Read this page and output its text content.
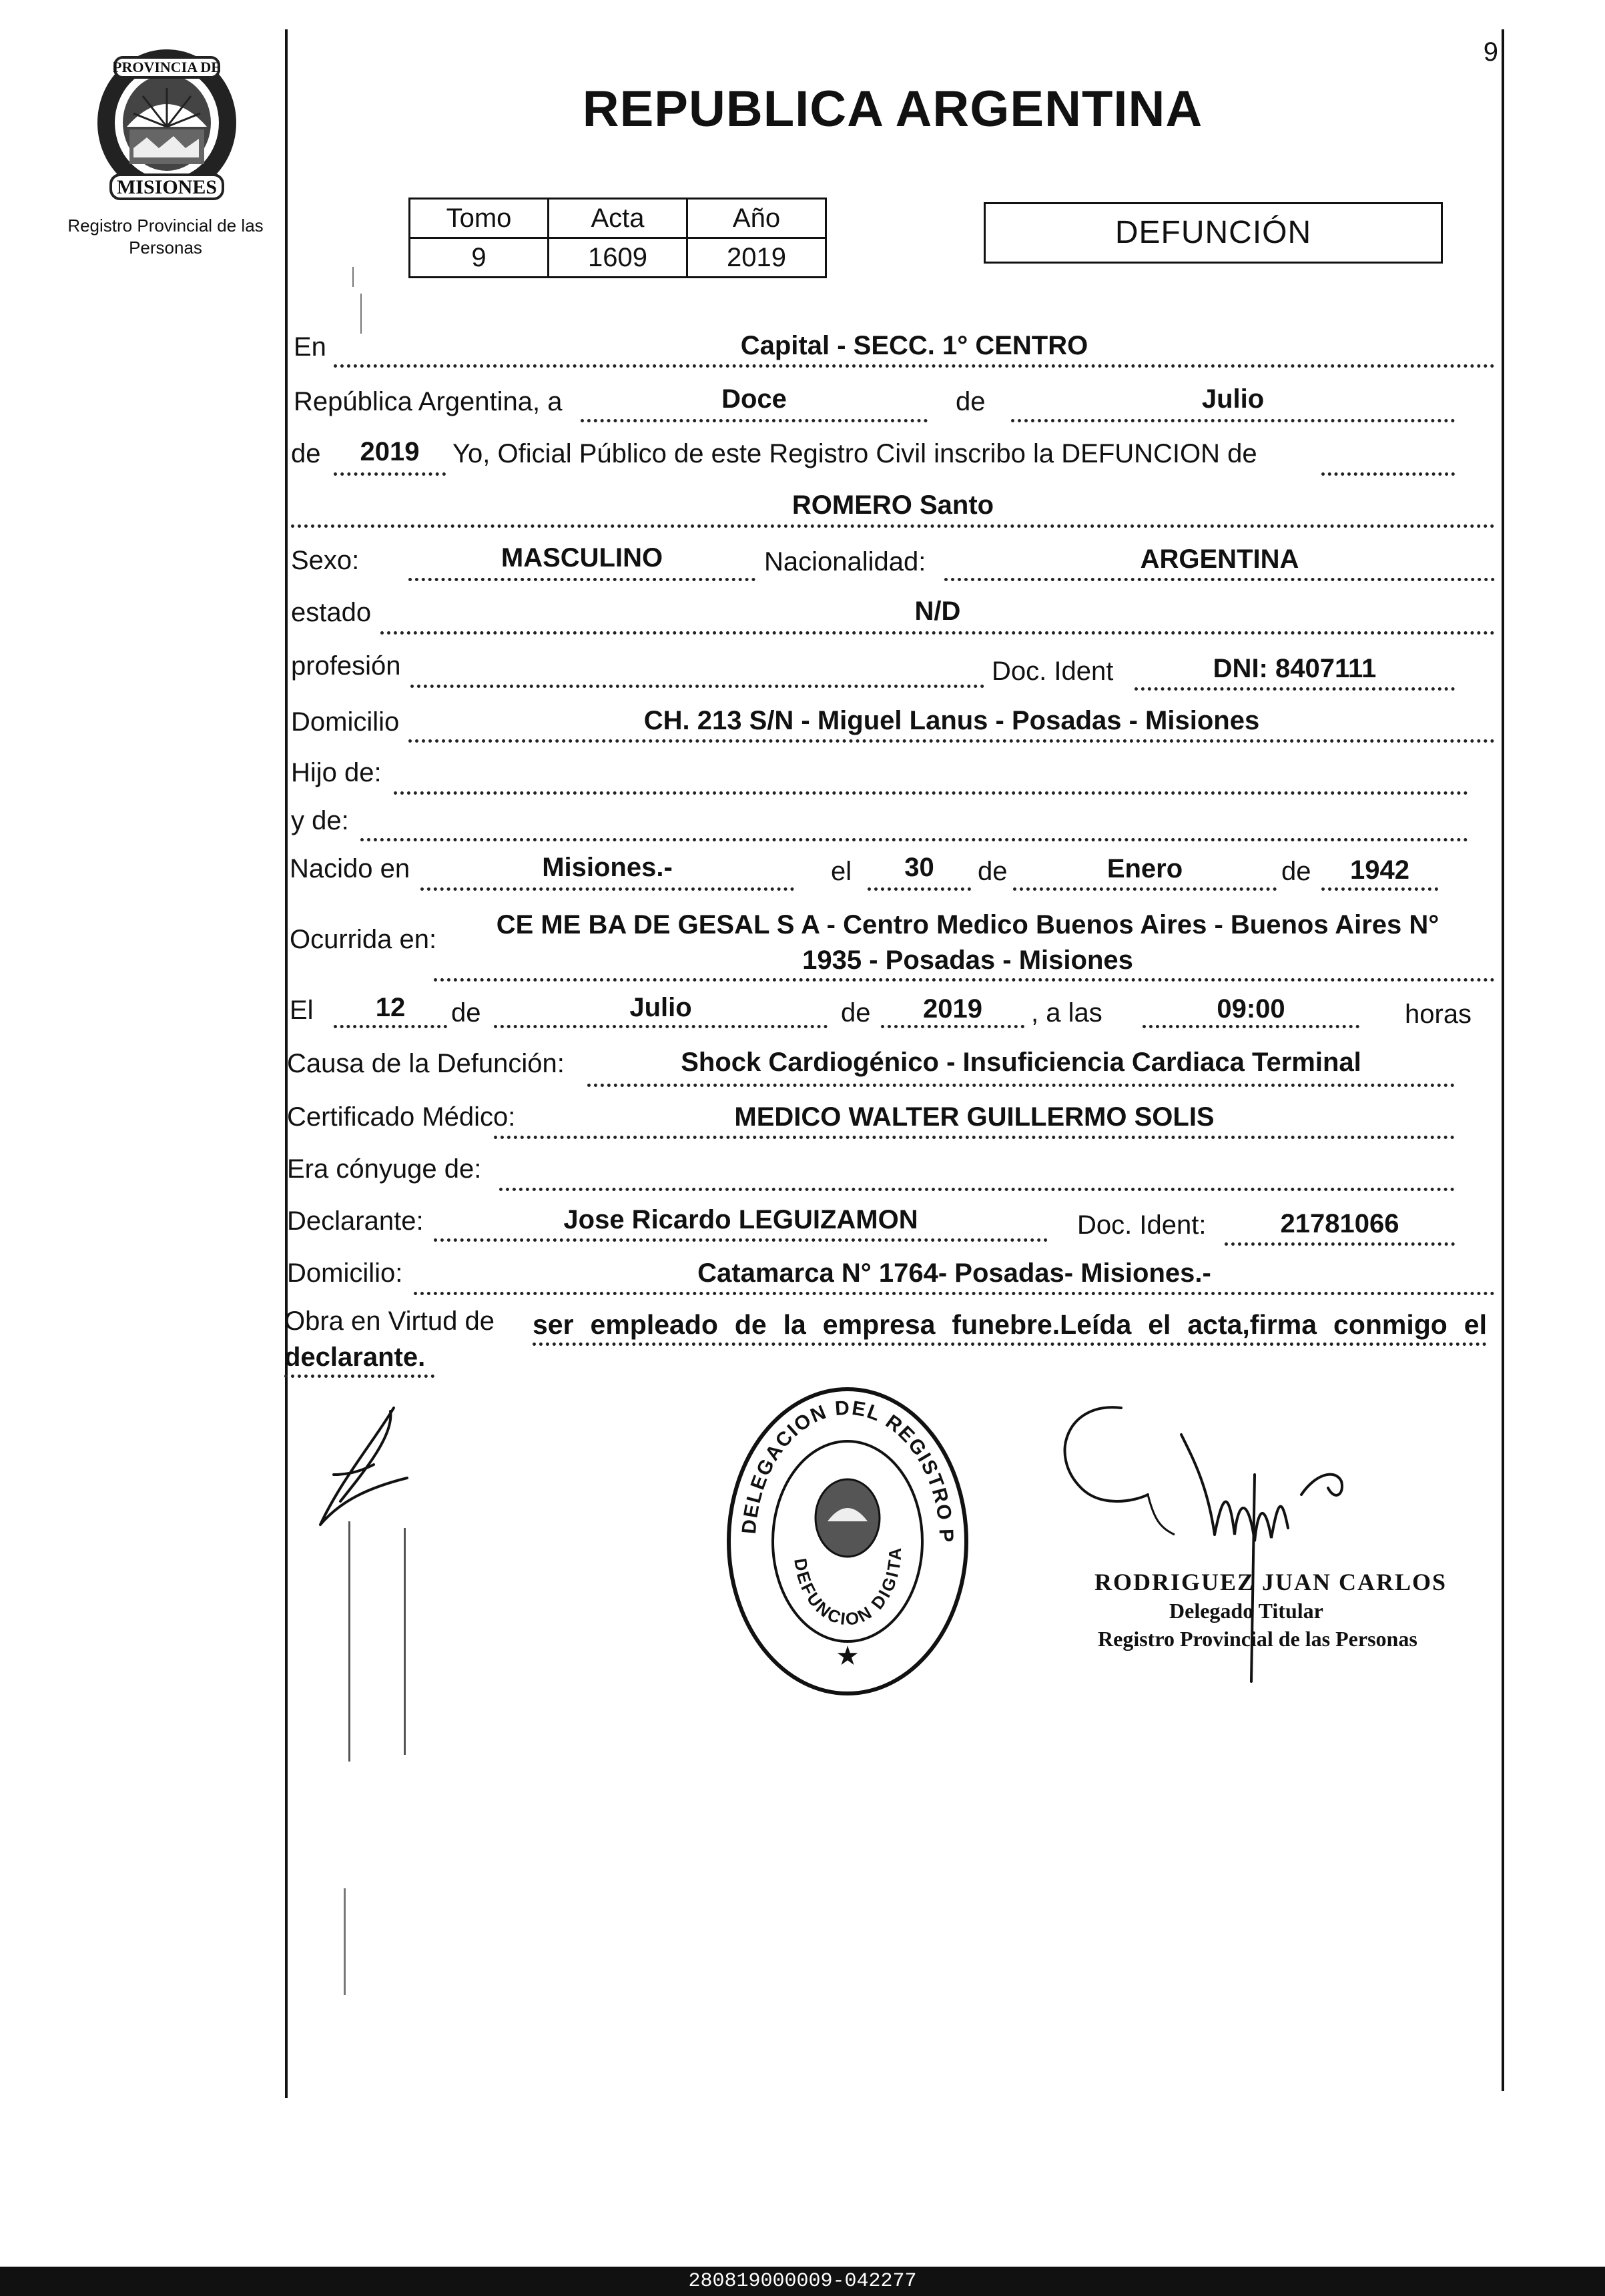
9
PROVINCIA DE
MISIONES
Registro Provincial de las Personas
REPUBLICA ARGENTINA
Tomo	Acta	Año
9	1609	2019
DEFUNCIÓN
En	Capital - SECC. 1° CENTRO
República Argentina, a	Doce	de	Julio
de	2019	Yo, Oficial Público de este Registro Civil inscribo la DEFUNCION de
ROMERO Santo
Sexo:	MASCULINO	Nacionalidad:	ARGENTINA
estado	N/D
profesión	Doc. Ident	DNI: 8407111
Domicilio	CH. 213 S/N - Miguel Lanus - Posadas - Misiones
Hijo de:
y de:
Nacido en	Misiones.-	el	30	de	Enero	de	1942
Ocurrida en:	CE ME BA DE GESAL S A - Centro Medico Buenos Aires - Buenos Aires N°
1935 - Posadas - Misiones
El	12	de	Julio	de	2019	, a las	09:00	horas
Causa de la Defunción:	Shock Cardiogénico - Insuficiencia Cardiaca Terminal
Certificado Médico:	MEDICO WALTER GUILLERMO SOLIS
Era cónyuge de:
Declarante:	Jose Ricardo LEGUIZAMON	Doc. Ident:	21781066
Domicilio:	Catamarca N° 1764- Posadas- Misiones.-
Obra en Virtud de ser empleado de la empresa funebre.Leída el acta,firma conmigo el
declarante.
DELEGACION DEL REGISTRO P
DEFUNCION DIGITA
★
RODRIGUEZ JUAN CARLOS
Delegado Titular
Registro Provincial de las Personas
280819000009-042277
